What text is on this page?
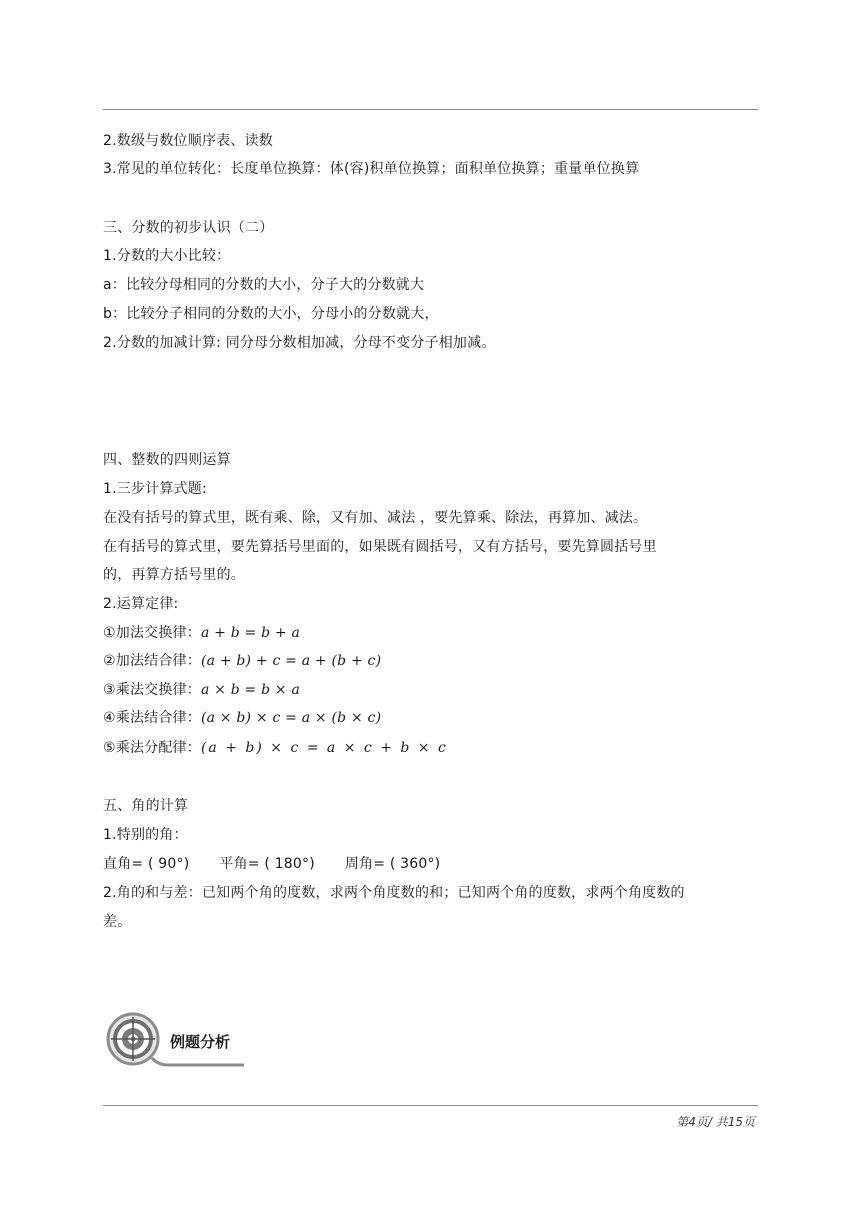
2.数级与数位顺序表、读数
3.常见的单位转化：长度单位换算：体(容)积单位换算；面积单位换算；重量单位换算
三、分数的初步认识（二）
1.分数的大小比较：
a：比较分母相同的分数的大小，分子大的分数就大
b：比较分子相同的分数的大小，分母小的分数就大，
2.分数的加减计算: 同分母分数相加减，分母不变分子相加减。
四、整数的四则运算
1.三步计算式题:
在没有括号的算式里，既有乘、除，又有加、减法 ，要先算乘、除法，再算加、减法。
在有括号的算式里，要先算括号里面的，如果既有圆括号，又有方括号，要先算圆括号里
的，再算方括号里的。
2.运算定律:
①加法交换律：a + b = b + a
②加法结合律：(a + b) + c = a + (b + c)
③乘法交换律：a × b = b × a
④乘法结合律：(a × b) × c = a × (b × c)
⑤乘法分配律：(a + b) × c = a × c + b × c
五、角的计算
1.特别的角：
直角= ( 90°) 平角= ( 180°) 周角= ( 360°)
2.角的和与差：已知两个角的度数，求两个角度数的和；已知两个角的度数，求两个角度数的
差。
例题分析
第4页/ 共15页
